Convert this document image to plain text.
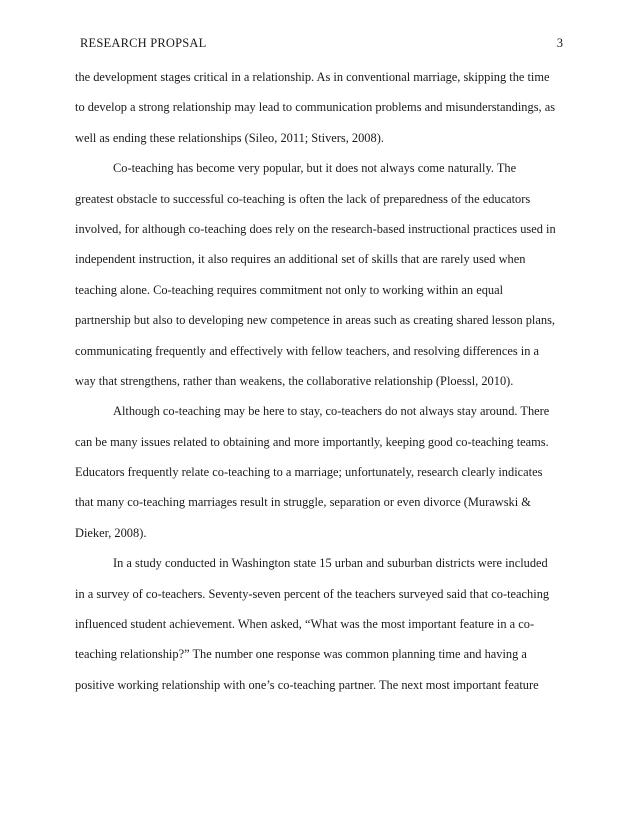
RESEARCH PROPSAL	3
the development stages critical in a relationship. As in conventional marriage, skipping the time
to develop a strong relationship may lead to communication problems and misunderstandings, as
well as ending these relationships (Sileo, 2011; Stivers, 2008).
Co-teaching has become very popular, but it does not always come naturally. The
greatest obstacle to successful co-teaching is often the lack of preparedness of the educators
involved, for although co-teaching does rely on the research-based instructional practices used in
independent instruction, it also requires an additional set of skills that are rarely used when
teaching alone. Co-teaching requires commitment not only to working within an equal
partnership but also to developing new competence in areas such as creating shared lesson plans,
communicating frequently and effectively with fellow teachers, and resolving differences in a
way that strengthens, rather than weakens, the collaborative relationship (Ploessl, 2010).
Although co-teaching may be here to stay, co-teachers do not always stay around. There
can be many issues related to obtaining and more importantly, keeping good co-teaching teams.
Educators frequently relate co-teaching to a marriage; unfortunately, research clearly indicates
that many co-teaching marriages result in struggle, separation or even divorce (Murawski &
Dieker, 2008).
In a study conducted in Washington state 15 urban and suburban districts were included
in a survey of co-teachers. Seventy-seven percent of the teachers surveyed said that co-teaching
influenced student achievement. When asked, “What was the most important feature in a co-
teaching relationship?” The number one response was common planning time and having a
positive working relationship with one’s co-teaching partner. The next most important feature
